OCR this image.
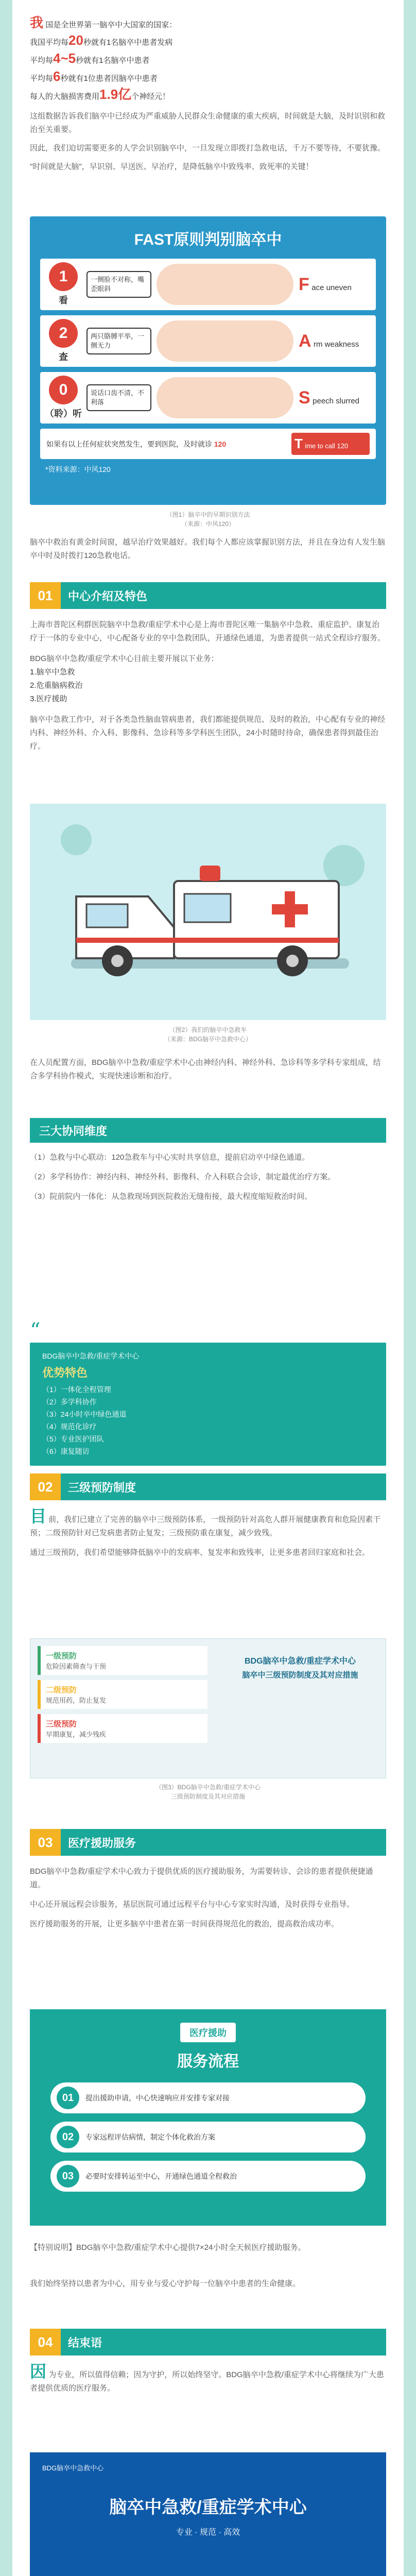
我 国是全世界第一脑卒中大国家的国家：
我国平均每20秒就有1名脑卒中患者发病
平均每4~5秒就有1名脑卒中患者
平均每6秒就有1位患者因脑卒中患者
每人的大脑损害费用1.9亿个神经元！

这组数据告诉我们脑卒中已经成为严重威胁人民群众生命健康的重大疾病，时间就是大脑，及时识别和救治至关重要。

因此，我们迫切需要更多的人学会识别脑卒中，一旦发现立即拨打急救电话，千万不要等待，不要犹豫。

"时间就是大脑"，早识别、早送医、早治疗，是降低脑卒中致残率、致死率的关键！

FAST原则判别脑卒中
1
看
一侧脸不对称，嘴歪眼斜	F ace uneven
2
查
两只胳膊平举，一侧无力	A rm weakness
0
（聆）听
说话口齿不清，不利落	S peech slurred
如果有以上任何症状突然发生，要到医院，及时就诊 120	T ime to call 120
*资料来源：中风120
（图1）脑卒中的早期识别方法
（来源：中风120）

脑卒中救治有黄金时间窗，越早治疗效果越好。我们每个人都应该掌握识别方法，并且在身边有人发生脑卒中时及时拨打120急救电话。

01	中心介绍及特色

上海市普陀区利群医院脑卒中急救/重症学术中心是上海市普陀区唯一集脑卒中急救、重症监护、康复治疗于一体的专业中心，中心配备专业的卒中急救团队，开通绿色通道，为患者提供一站式全程诊疗服务。

BDG脑卒中急救/重症学术中心目前主要开展以下业务：

1.脑卒中急救
2.危重脑病救治
3.医疗援助

脑卒中急救工作中，对于各类急性脑血管病患者，我们都能提供规范、及时的救治，中心配有专业的神经内科、神经外科、介入科、影像科、急诊科等多学科医生团队，24小时随时待命，确保患者得到最佳治疗。

（图2）我们的脑卒中急救车
（来源：BDG脑卒中急救中心）

在人员配置方面，BDG脑卒中急救/重症学术中心由神经内科、神经外科、急诊科等多学科专家组成，结合多学科协作模式，实现快速诊断和治疗。

三大协同维度

（1）急救与中心联动：120急救车与中心实时共享信息，提前启动卒中绿色通道。

（2）多学科协作：神经内科、神经外科、影像科、介入科联合会诊，制定最优治疗方案。

（3）院前院内一体化：从急救现场到医院救治无缝衔接，最大程度缩短救治时间。

“
BDG脑卒中急救/重症学术中心
优势特色
（1）一体化全程管理
（2）多学科协作
（3）24小时卒中绿色通道
（4）规范化诊疗
（5）专业医护团队
（6）康复随访
02	三级预防制度

目 前，我们已建立了完善的脑卒中三级预防体系，一级预防针对高危人群开展健康教育和危险因素干预；二级预防针对已发病患者防止复发；三级预防重在康复，减少致残。

通过三级预防，我们希望能够降低脑卒中的发病率、复发率和致残率，让更多患者回归家庭和社会。

一级预防
危险因素筛查与干预
二级预防
规范用药，防止复发
三级预防
早期康复，减少残疾
BDG脑卒中急救/重症学术中心
脑卒中三级预防制度及其对应措施
（图3）BDG脑卒中急救/重症学术中心
三级预防制度及其对应措施
03	医疗援助服务

BDG脑卒中急救/重症学术中心致力于提供优质的医疗援助服务，为需要转诊、会诊的患者提供便捷通道。

中心还开展远程会诊服务，基层医院可通过远程平台与中心专家实时沟通，及时获得专业指导。

医疗援助服务的开展，让更多脑卒中患者在第一时间获得规范化的救治，提高救治成功率。

医疗援助
服务流程
01	提出援助申请，中心快速响应并安排专家对接
02	专家远程评估病情，制定个体化救治方案
03	必要时安排转运至中心，开通绿色通道全程救治

【特别说明】BDG脑卒中急救/重症学术中心提供7×24小时全天候医疗援助服务。

我们始终坚持以患者为中心，用专业与爱心守护每一位脑卒中患者的生命健康。

04	结束语

因 为专业，所以值得信赖；因为守护，所以始终坚守。BDG脑卒中急救/重症学术中心将继续为广大患者提供优质的医疗服务。

BDG脑卒中急救中心
脑卒中急救/重症学术中心
专业 · 规范 · 高效
